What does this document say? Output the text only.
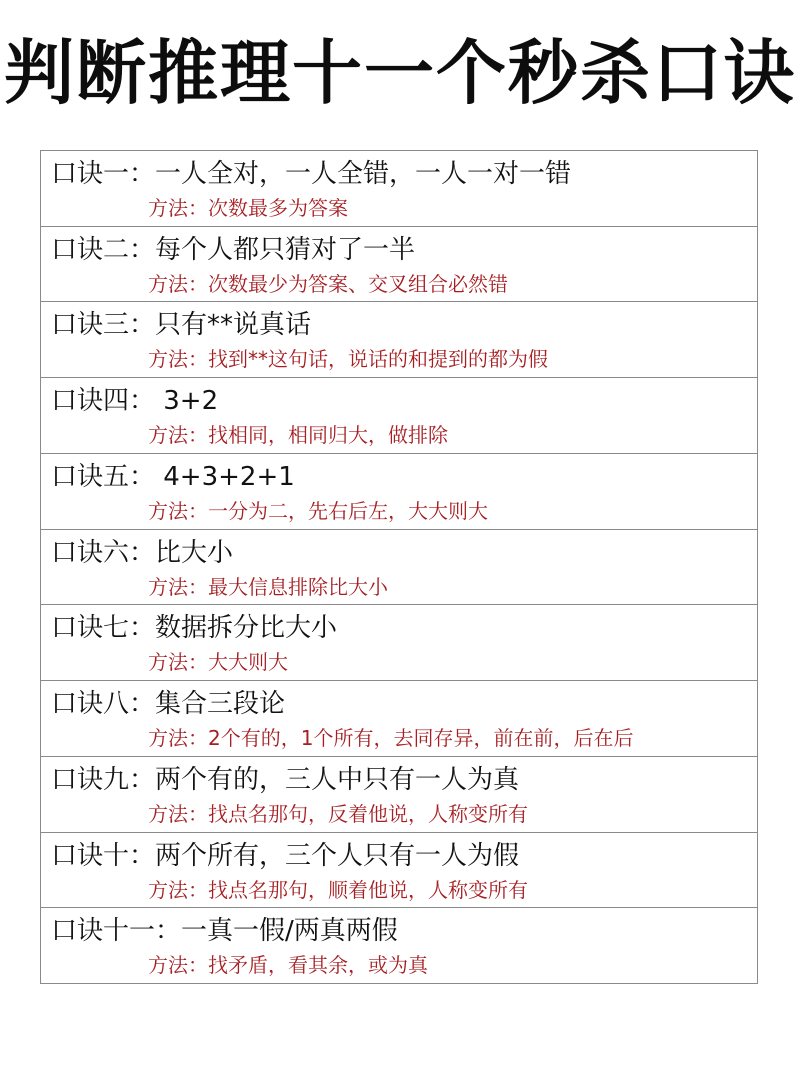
判断推理十一个秒杀口诀
口诀一：一人全对，一人全错，一人一对一错
方法：次数最多为答案
口诀二：每个人都只猜对了一半
方法：次数最少为答案、交叉组合必然错
口诀三：只有**说真话
方法：找到**这句话，说话的和提到的都为假
口诀四： 3+2
方法：找相同，相同归大，做排除
口诀五： 4+3+2+1
方法：一分为二，先右后左，大大则大
口诀六：比大小
方法：最大信息排除比大小
口诀七：数据拆分比大小
方法：大大则大
口诀八：集合三段论
方法：2个有的，1个所有，去同存异，前在前，后在后
口诀九：两个有的，三人中只有一人为真
方法：找点名那句，反着他说，人称变所有
口诀十：两个所有，三个人只有一人为假
方法：找点名那句，顺着他说，人称变所有
口诀十一：一真一假/两真两假
方法：找矛盾，看其余，或为真
